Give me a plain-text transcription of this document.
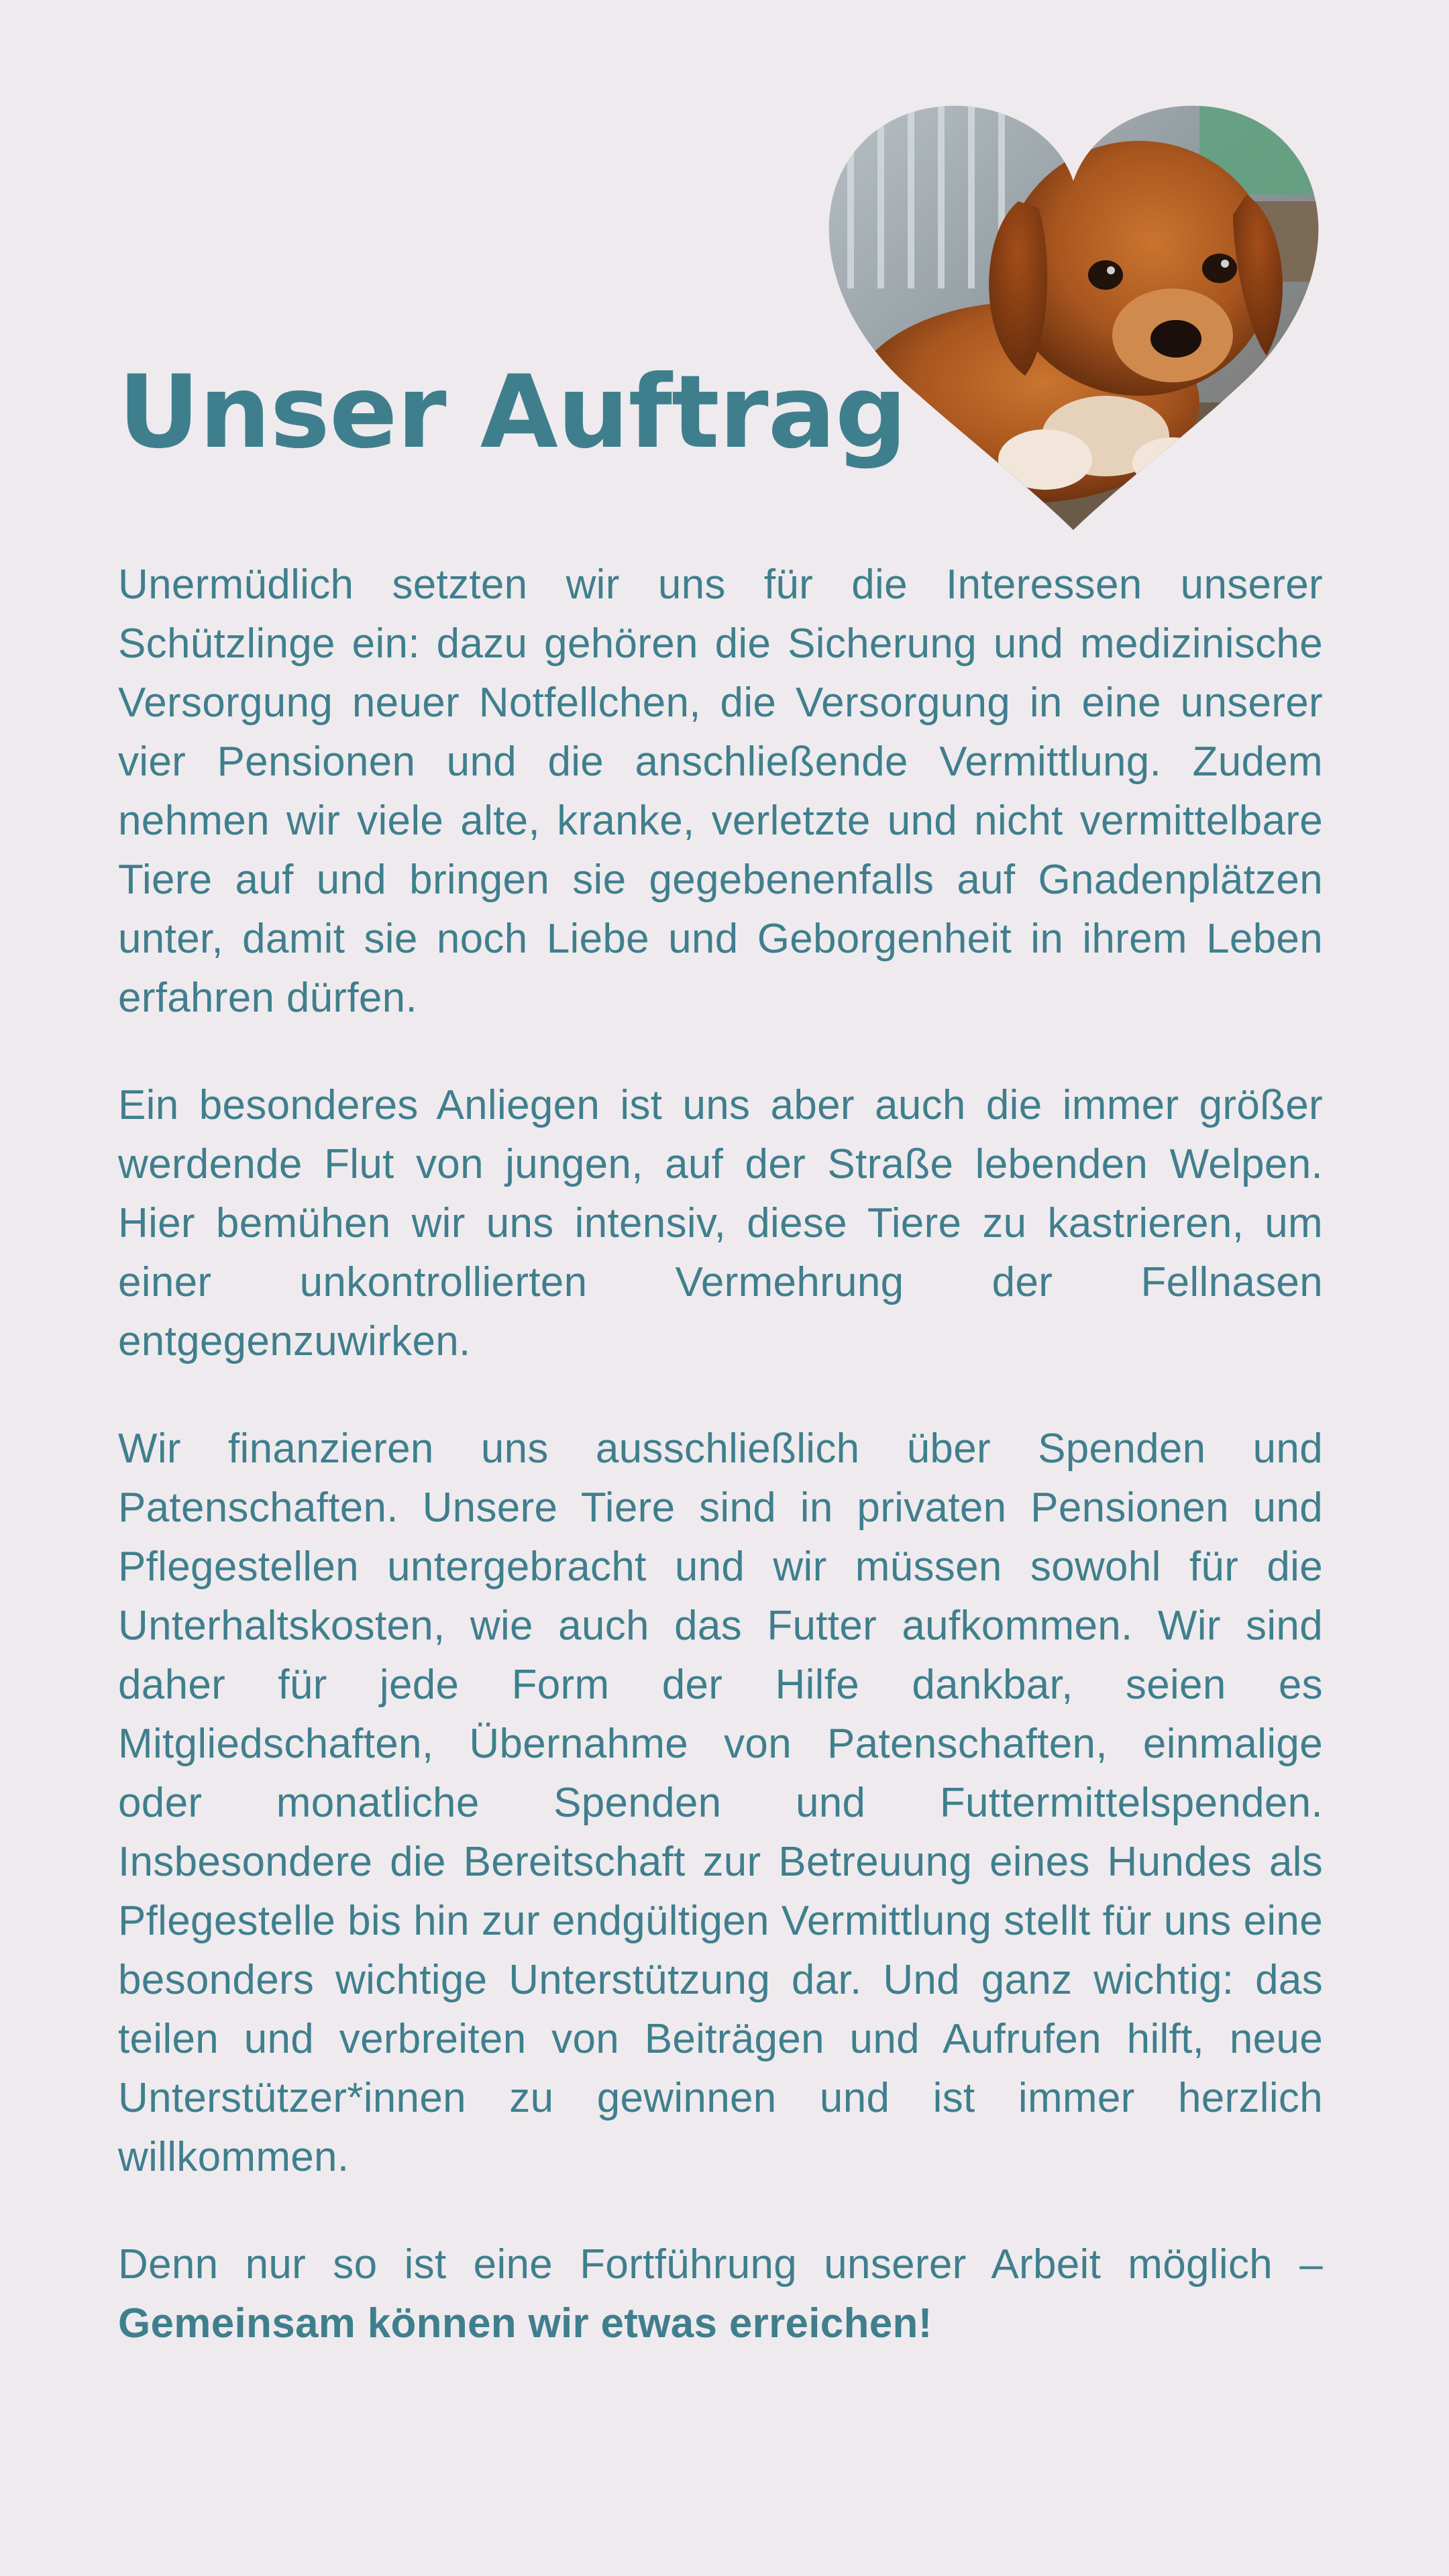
Unser Auftrag

Unermüdlich setzten wir uns für die Interessen unserer Schützlinge ein: dazu gehören die Sicherung und medizinische Versorgung neuer Notfellchen, die Versorgung in eine unserer vier Pensionen und die anschließende Vermittlung. Zudem nehmen wir viele alte, kranke, verletzte und nicht vermittelbare Tiere auf und bringen sie gegebenenfalls auf Gnadenplätzen unter, damit sie noch Liebe und Geborgenheit in ihrem Leben erfahren dürfen.

Ein besonderes Anliegen ist uns aber auch die immer größer werdende Flut von jungen, auf der Straße lebenden Welpen. Hier bemühen wir uns intensiv, diese Tiere zu kastrieren, um einer unkontrollierten Vermehrung der Fellnasen entgegenzuwirken.

Wir finanzieren uns ausschließlich über Spenden und Patenschaften. Unsere Tiere sind in privaten Pensionen und Pflegestellen untergebracht und wir müssen sowohl für die Unterhaltskosten, wie auch das Futter aufkommen. Wir sind daher für jede Form der Hilfe dankbar, seien es Mitgliedschaften, Übernahme von Patenschaften, einmalige oder monatliche Spenden und Futtermittelspenden. Insbesondere die Bereitschaft zur Betreuung eines Hundes als Pflegestelle bis hin zur endgültigen Vermittlung stellt für uns eine besonders wichtige Unterstützung dar. Und ganz wichtig: das teilen und verbreiten von Beiträgen und Aufrufen hilft, neue Unterstützer*innen zu gewinnen und ist immer herzlich willkommen.

Denn nur so ist eine Fortführung unserer Arbeit möglich – Gemeinsam können wir etwas erreichen!
